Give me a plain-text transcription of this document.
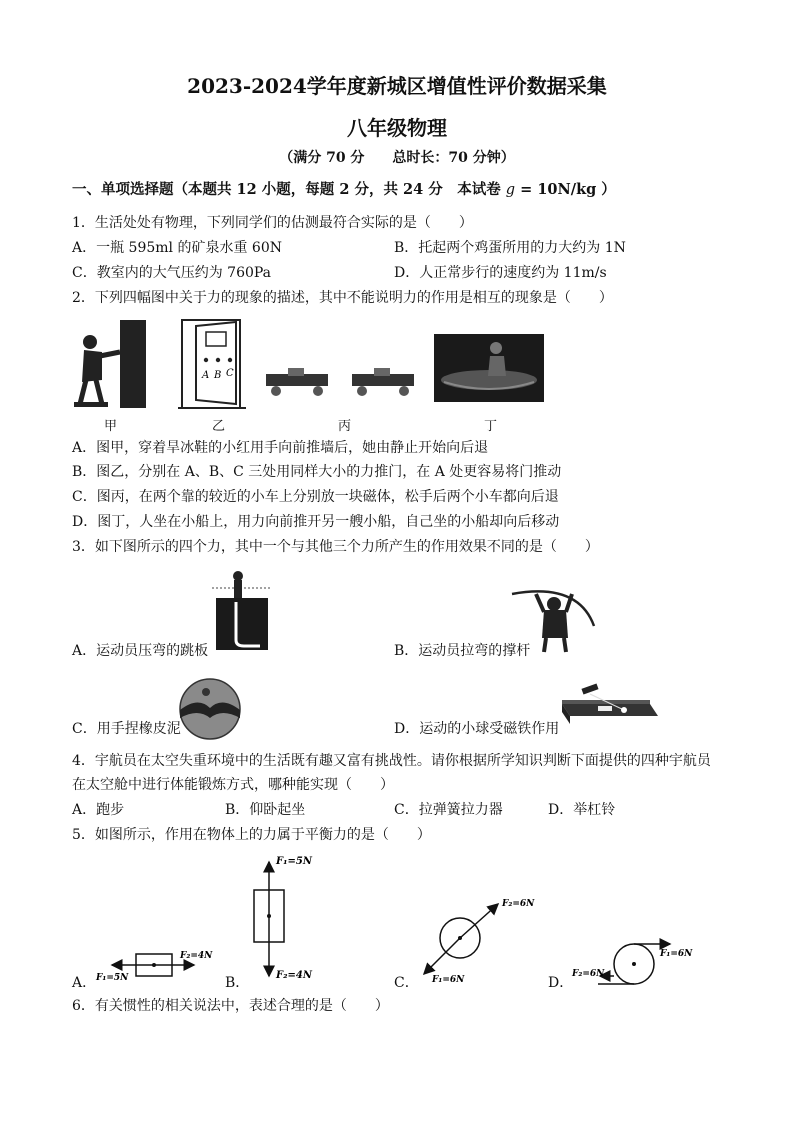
2023-2024学年度新城区增值性评价数据采集
八年级物理
（满分 70 分　　总时长：70 分钟）
一、单项选择题（本题共 12 小题，每题 2 分，共 24 分　本试卷 g = 10N/kg ）
1．生活处处有物理，下列同学们的估测最符合实际的是（　　）
A．一瓶 595ml 的矿泉水重 60N	B．托起两个鸡蛋所用的力大约为 1N
C．教室内的大气压约为 760Pa	D．人正常步行的速度约为 11m/s
2．下列四幅图中关于力的现象的描述，其中不能说明力的作用是相互的现象是（　　）
甲
A B C
乙	丙	丁
A．图甲，穿着旱冰鞋的小红用手向前推墙后，她由静止开始向后退
B．图乙，分别在 A、B、C 三处用同样大小的力推门，在 A 处更容易将门推动
C．图丙，在两个靠的较近的小车上分别放一块磁体，松手后两个小车都向后退
D．图丁，人坐在小船上，用力向前推开另一艘小船，自己坐的小船却向后移动
3．如下图所示的四个力，其中一个与其他三个力所产生的作用效果不同的是（　　）
A．运动员压弯的跳板	B．运动员拉弯的撑杆
C．用手捏橡皮泥	D．运动的小球受磁铁作用
4．宇航员在太空失重环境中的生活既有趣又富有挑战性。请你根据所学知识判断下面提供的四种宇航员
在太空舱中进行体能锻炼方式，哪种能实现（　　）
A．跑步	B．仰卧起坐	C．拉弹簧拉力器	D．举杠铃
5．如图所示，作用在物体上的力属于平衡力的是（　　）
A． F₁=5N
F₂=4N
B．
F₁=5N
F₂=4N	C．
F₂=6N
F₁=6N	D．
F₁=6N
F₂=6N
6．有关惯性的相关说法中，表述合理的是（　　）
